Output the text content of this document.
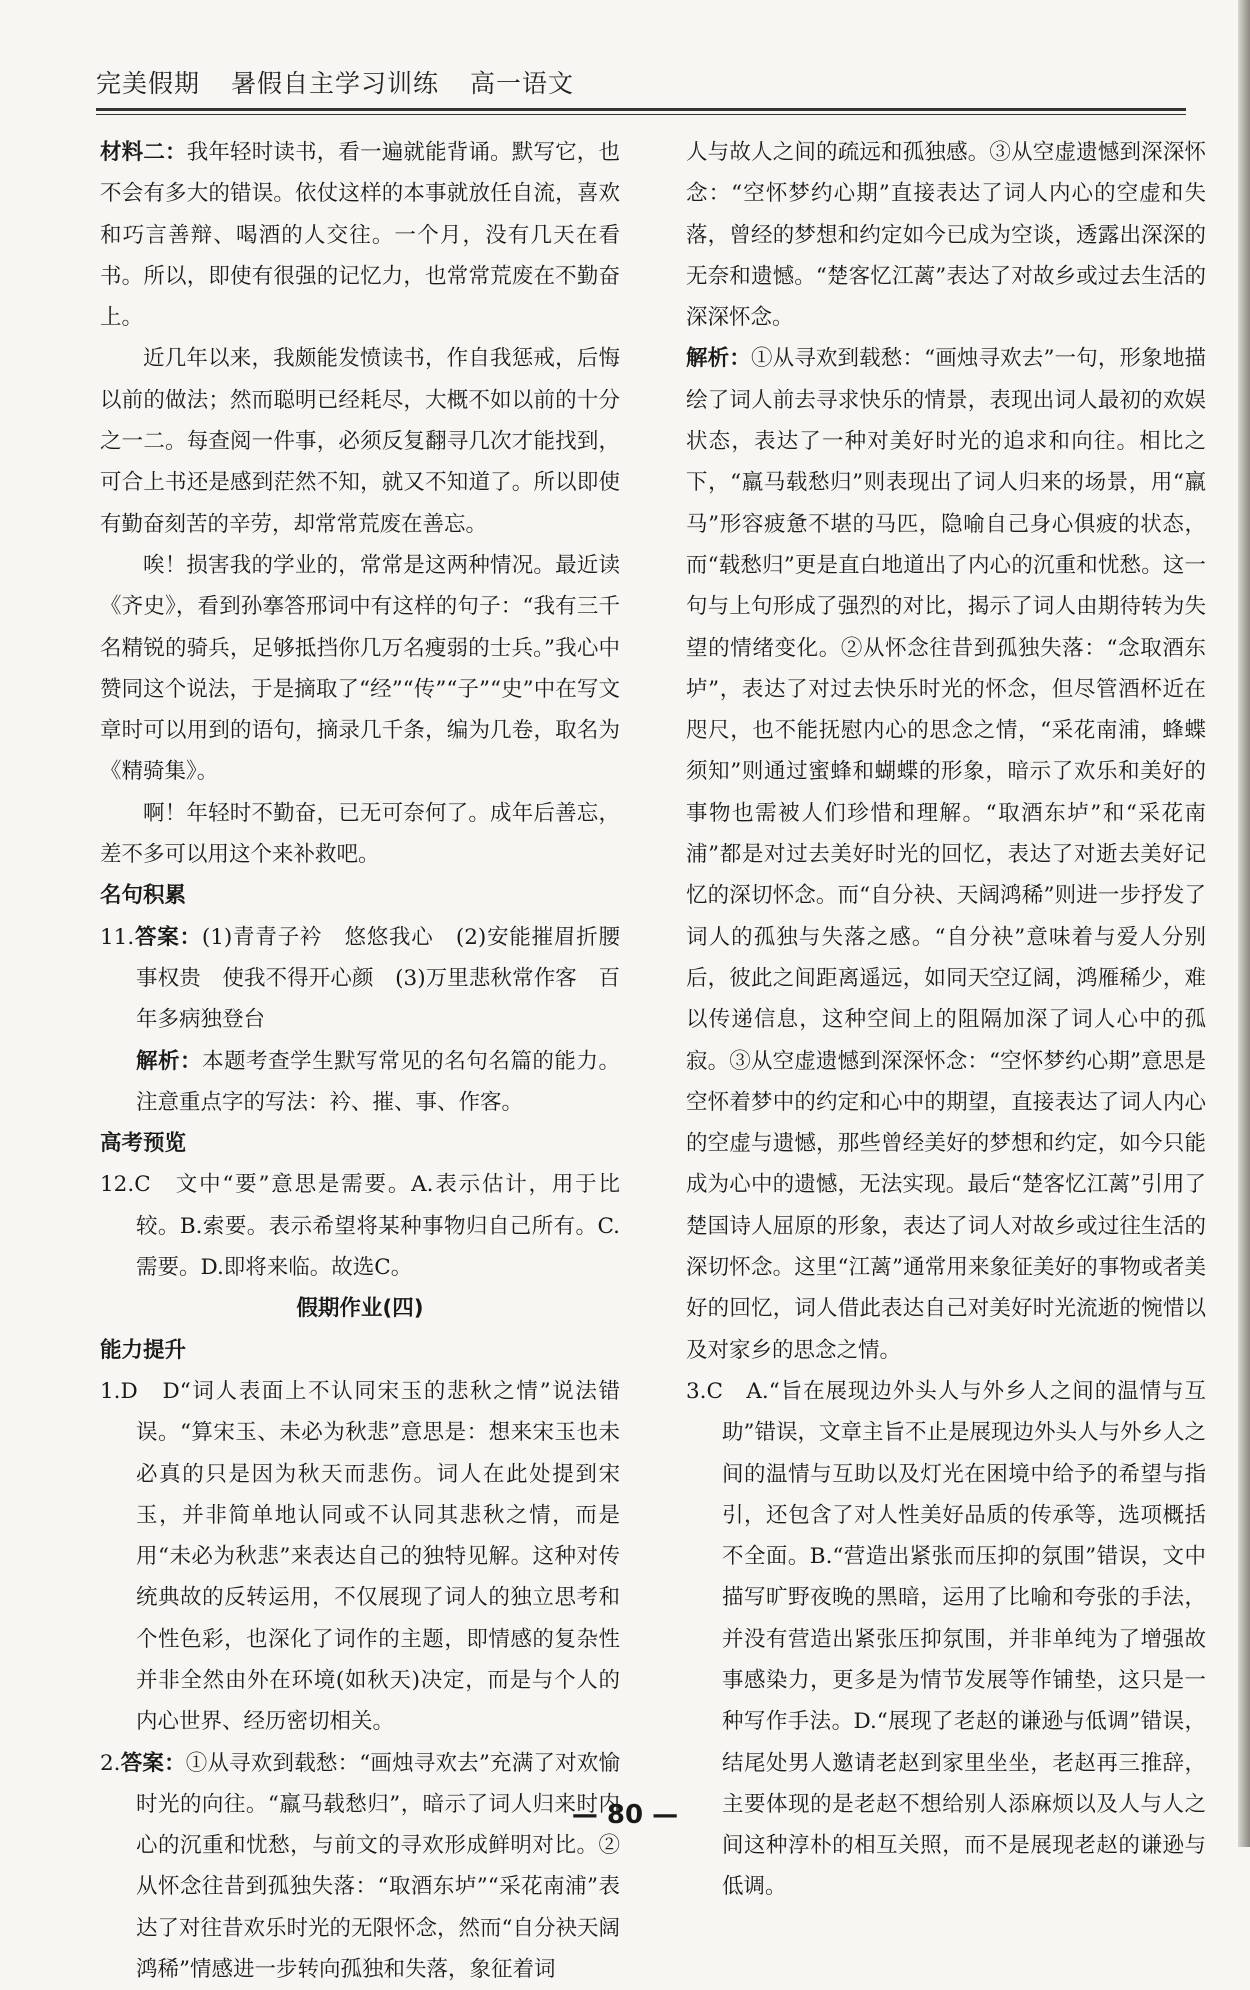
完美假期 暑假自主学习训练 高一语文

材料二：我年轻时读书，看一遍就能背诵。默写它，也不会有多大的错误。依仗这样的本事就放任自流，喜欢和巧言善辩、喝酒的人交往。一个月，没有几天在看书。所以，即使有很强的记忆力，也常常荒废在不勤奋上。

近几年以来，我颇能发愤读书，作自我惩戒，后悔以前的做法；然而聪明已经耗尽，大概不如以前的十分之一二。每查阅一件事，必须反复翻寻几次才能找到，可合上书还是感到茫然不知，就又不知道了。所以即使有勤奋刻苦的辛劳，却常常荒废在善忘。

唉！损害我的学业的，常常是这两种情况。最近读《齐史》，看到孙搴答邢词中有这样的句子：“我有三千名精锐的骑兵，足够抵挡你几万名瘦弱的士兵。”我心中赞同这个说法，于是摘取了“经”“传”“子”“史”中在写文章时可以用到的语句，摘录几千条，编为几卷，取名为《精骑集》。

啊！年轻时不勤奋，已无可奈何了。成年后善忘，差不多可以用这个来补救吧。

名句积累

11.答案：(1)青青子衿　悠悠我心　(2)安能摧眉折腰事权贵　使我不得开心颜　(3)万里悲秋常作客　百年多病独登台

解析：本题考查学生默写常见的名句名篇的能力。注意重点字的写法：衿、摧、事、作客。

高考预览

12.C　文中“要”意思是需要。A.表示估计，用于比较。B.索要。表示希望将某种事物归自己所有。C.需要。D.即将来临。故选C。

假期作业(四)

能力提升

1.D　D“词人表面上不认同宋玉的悲秋之情”说法错误。“算宋玉、未必为秋悲”意思是：想来宋玉也未必真的只是因为秋天而悲伤。词人在此处提到宋玉，并非简单地认同或不认同其悲秋之情，而是用“未必为秋悲”来表达自己的独特见解。这种对传统典故的反转运用，不仅展现了词人的独立思考和个性色彩，也深化了词作的主题，即情感的复杂性并非全然由外在环境(如秋天)决定，而是与个人的内心世界、经历密切相关。

2.答案：①从寻欢到载愁：“画烛寻欢去”充满了对欢愉时光的向往。“羸马载愁归”，暗示了词人归来时内心的沉重和忧愁，与前文的寻欢形成鲜明对比。②从怀念往昔到孤独失落：“取酒东垆”“采花南浦”表达了对往昔欢乐时光的无限怀念，然而“自分袂天阔鸿稀”情感进一步转向孤独和失落，象征着词

人与故人之间的疏远和孤独感。③从空虚遗憾到深深怀念：“空怀梦约心期”直接表达了词人内心的空虚和失落，曾经的梦想和约定如今已成为空谈，透露出深深的无奈和遗憾。“楚客忆江蓠”表达了对故乡或过去生活的深深怀念。

解析：①从寻欢到载愁：“画烛寻欢去”一句，形象地描绘了词人前去寻求快乐的情景，表现出词人最初的欢娱状态，表达了一种对美好时光的追求和向往。相比之下，“羸马载愁归”则表现出了词人归来的场景，用“羸马”形容疲惫不堪的马匹，隐喻自己身心俱疲的状态，而“载愁归”更是直白地道出了内心的沉重和忧愁。这一句与上句形成了强烈的对比，揭示了词人由期待转为失望的情绪变化。②从怀念往昔到孤独失落：“念取酒东垆”，表达了对过去快乐时光的怀念，但尽管酒杯近在咫尺，也不能抚慰内心的思念之情，“采花南浦，蜂蝶须知”则通过蜜蜂和蝴蝶的形象，暗示了欢乐和美好的事物也需被人们珍惜和理解。“取酒东垆”和“采花南浦”都是对过去美好时光的回忆，表达了对逝去美好记忆的深切怀念。而“自分袂、天阔鸿稀”则进一步抒发了词人的孤独与失落之感。“自分袂”意味着与爱人分别后，彼此之间距离遥远，如同天空辽阔，鸿雁稀少，难以传递信息，这种空间上的阻隔加深了词人心中的孤寂。③从空虚遗憾到深深怀念：“空怀梦约心期”意思是空怀着梦中的约定和心中的期望，直接表达了词人内心的空虚与遗憾，那些曾经美好的梦想和约定，如今只能成为心中的遗憾，无法实现。最后“楚客忆江蓠”引用了楚国诗人屈原的形象，表达了词人对故乡或过往生活的深切怀念。这里“江蓠”通常用来象征美好的事物或者美好的回忆，词人借此表达自己对美好时光流逝的惋惜以及对家乡的思念之情。

3.C　A.“旨在展现边外头人与外乡人之间的温情与互助”错误，文章主旨不止是展现边外头人与外乡人之间的温情与互助以及灯光在困境中给予的希望与指引，还包含了对人性美好品质的传承等，选项概括不全面。B.“营造出紧张而压抑的氛围”错误，文中描写旷野夜晚的黑暗，运用了比喻和夸张的手法，并没有营造出紧张压抑氛围，并非单纯为了增强故事感染力，更多是为情节发展等作铺垫，这只是一种写作手法。D.“展现了老赵的谦逊与低调”错误，结尾处男人邀请老赵到家里坐坐，老赵再三推辞，主要体现的是老赵不想给别人添麻烦以及人与人之间这种淳朴的相互关照，而不是展现老赵的谦逊与低调。

— 80 —
